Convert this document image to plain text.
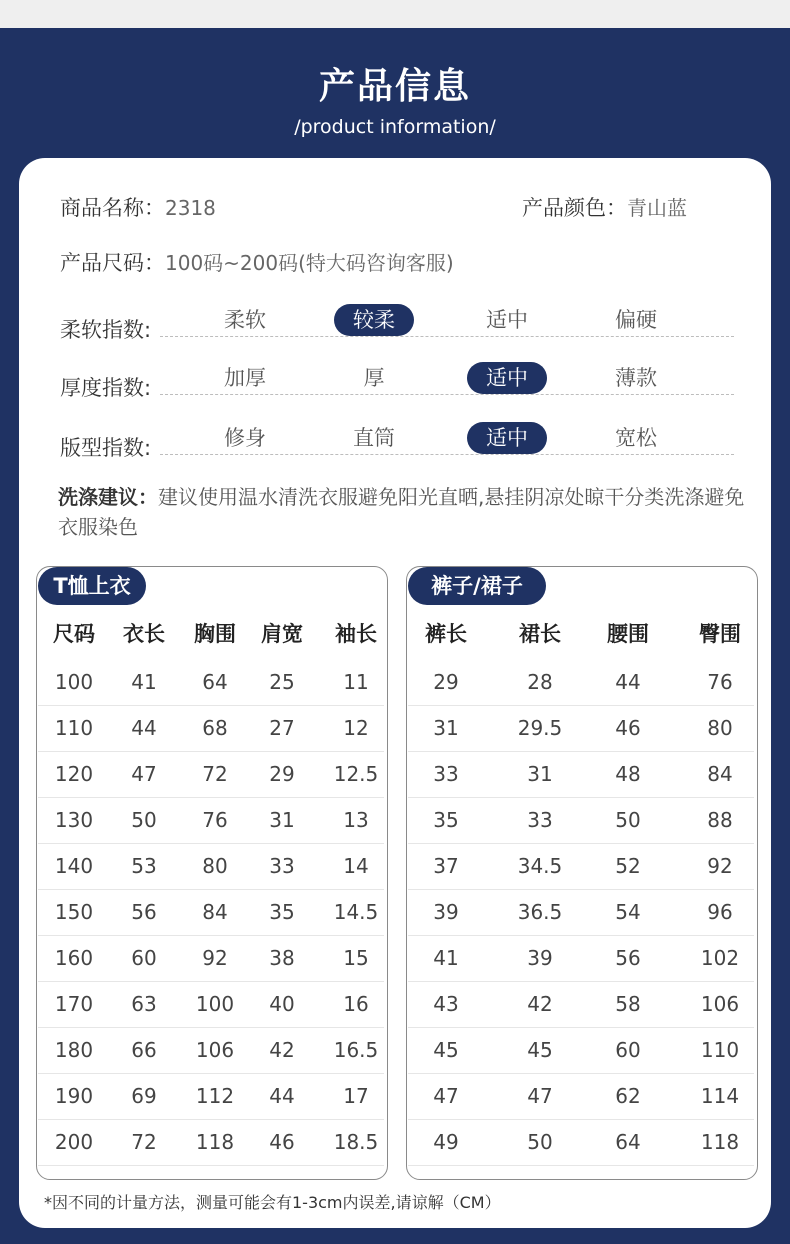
产品信息
/product information/
商品名称：2318	产品颜色：青山蓝
产品尺码：100码~200码(特大码咨询客服)
柔软指数:	柔软	较柔	适中	偏硬
厚度指数:	加厚	厚	适中	薄款
版型指数:	修身	直筒	适中	宽松
洗涤建议：建议使用温水清洗衣服避免阳光直晒,悬挂阴凉处晾干分类洗涤避免衣服染色
T恤上衣
尺码	衣长	胸围	肩宽	袖长
100	41	64	25	11
110	44	68	27	12
120	47	72	29	12.5
130	50	76	31	13
140	53	80	33	14
150	56	84	35	14.5
160	60	92	38	15
170	63	100	40	16
180	66	106	42	16.5
190	69	112	44	17
200	72	118	46	18.5
裤子/裙子
裤长	裙长	腰围	臀围
29	28	44	76
31	29.5	46	80
33	31	48	84
35	33	50	88
37	34.5	52	92
39	36.5	54	96
41	39	56	102
43	42	58	106
45	45	60	110
47	47	62	114
49	50	64	118
*因不同的计量方法，测量可能会有1-3cm内误差,请谅解（CM）
